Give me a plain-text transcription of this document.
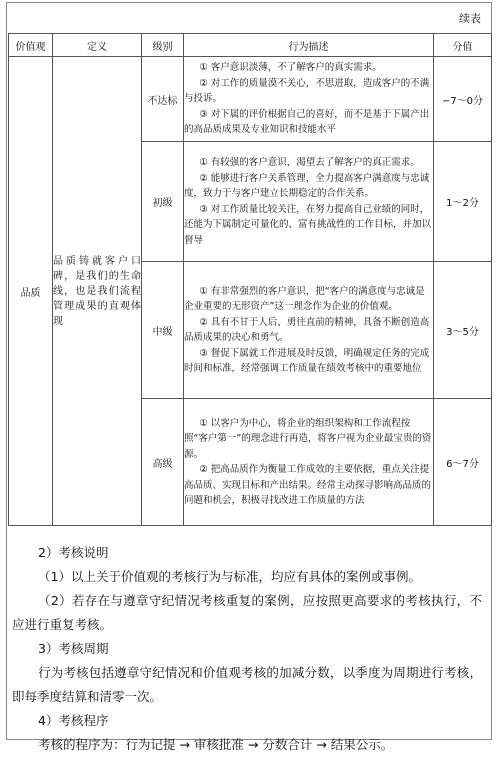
续表
价值观	定义	级别	行为描述	分值
品质	品质铸就客户口碑，是我们的生命线，也是我们流程管理成果的直观体现	不达标	① 客户意识淡薄，不了解客户的真实需求。

② 对工作的质量漠不关心，不思进取，造成客户的不满与投诉。

③ 对下属的评价根据自己的喜好，而不是基于下属产出的高品质成果及专业知识和技能水平	−7～0分
		初级	① 有较强的客户意识，渴望去了解客户的真正需求。

② 能够进行客户关系管理，全力提高客户满意度与忠诚度，致力于与客户建立长期稳定的合作关系。

③ 对工作质量比较关注，在努力提高自己业绩的同时，还能为下属制定可量化的、富有挑战性的工作目标，并加以督导	1～2分
		中级	① 有非常强烈的客户意识，把“客户的满意度与忠诚是企业重要的无形资产”这一理念作为企业的价值观。

② 具有不甘于人后、勇往直前的精神，具备不断创造高品质成果的决心和勇气。

③ 督促下属就工作进展及时反馈，明确规定任务的完成时间和标准，经常强调工作质量在绩效考核中的重要地位	3～5分
		高级	① 以客户为中心，将企业的组织架构和工作流程按照“客户第一”的理念进行再造，将客户视为企业最宝贵的资源。

② 把高品质作为衡量工作成效的主要依据，重点关注提高品质、实现目标和产出结果。经常主动探寻影响高品质的问题和机会，积极寻找改进工作质量的方法	6～7分
2）考核说明
（1）以上关于价值观的考核行为与标准，均应有具体的案例或事例。
（2）若存在与遵章守纪情况考核重复的案例，应按照更高要求的考核执行，不应进行重复考核。
3）考核周期
行为考核包括遵章守纪情况和价值观考核的加减分数，以季度为周期进行考核，即每季度结算和清零一次。
4）考核程序
考核的程序为：行为记提 → 审核批准 → 分数合计 → 结果公示。
